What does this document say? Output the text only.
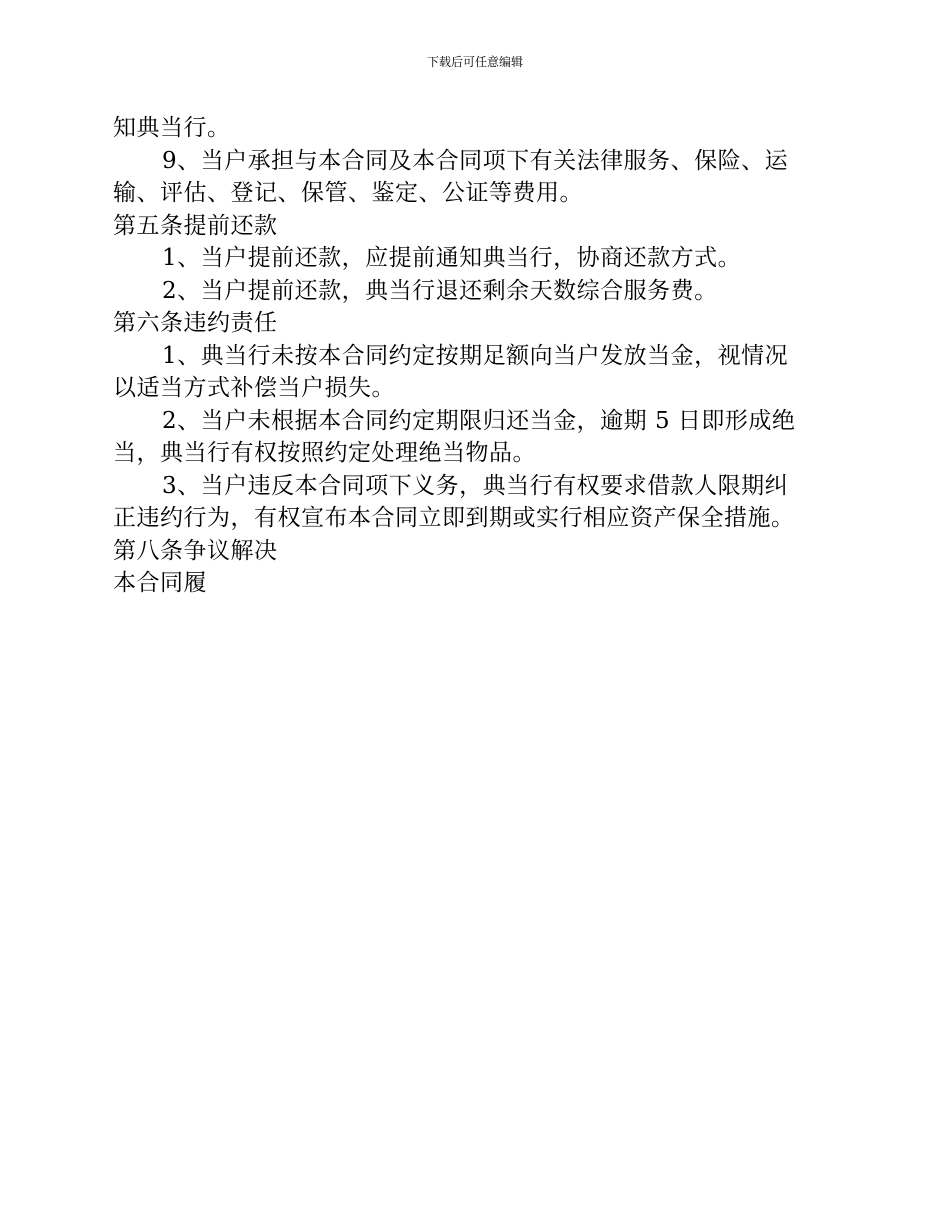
下载后可任意编辑
知典当行。
9、当户承担与本合同及本合同项下有关法律服务、保险、运
输、评估、登记、保管、鉴定、公证等费用。
第五条提前还款
1、当户提前还款，应提前通知典当行，协商还款方式。
2、当户提前还款，典当行退还剩余天数综合服务费。
第六条违约责任
1、典当行未按本合同约定按期足额向当户发放当金，视情况
以适当方式补偿当户损失。
2、当户未根据本合同约定期限归还当金，逾期 5 日即形成绝
当，典当行有权按照约定处理绝当物品。
3、当户违反本合同项下义务，典当行有权要求借款人限期纠
正违约行为，有权宣布本合同立即到期或实行相应资产保全措施。
第八条争议解决
本合同履
